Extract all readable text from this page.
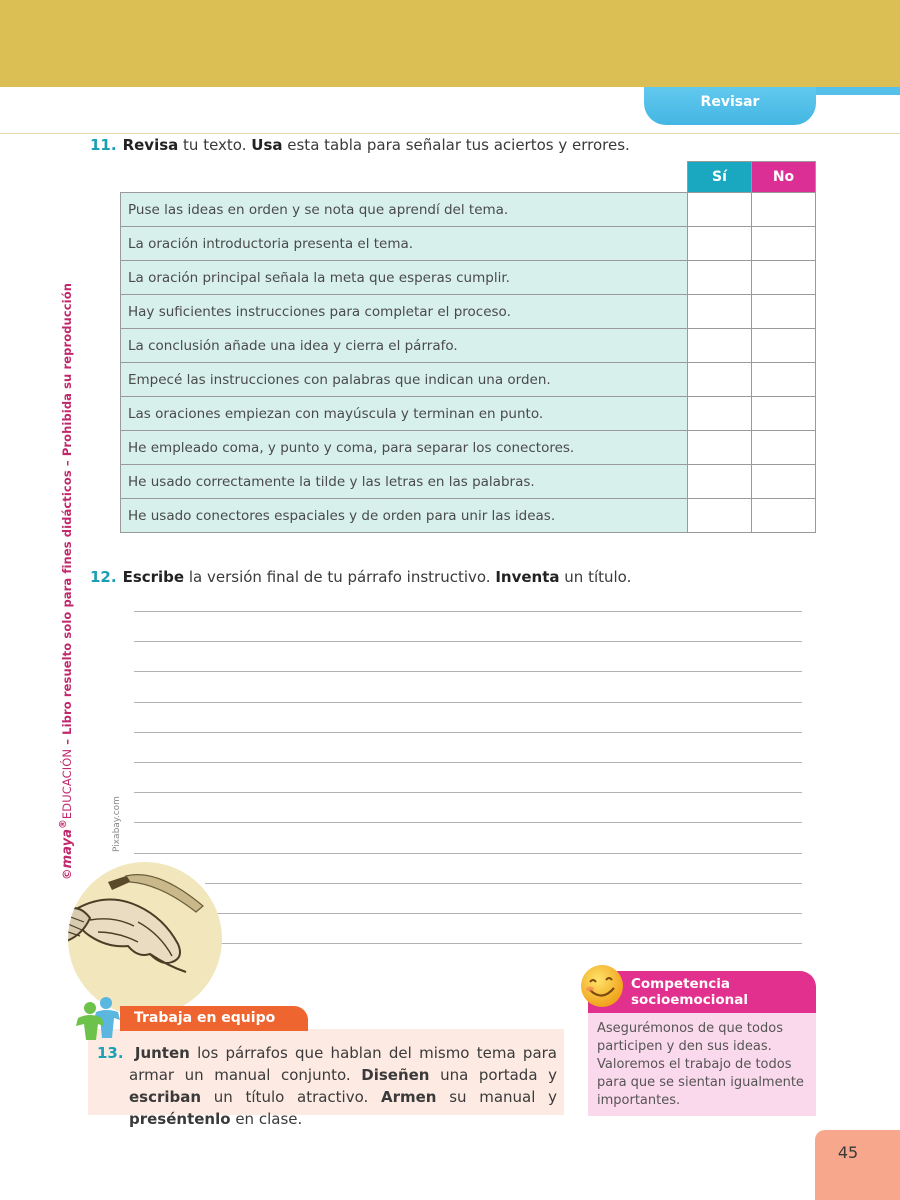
Revisar
©maya®EDUCACIÓN – Libro resuelto solo para fines didácticos – Prohibida su reproducción
11. Revisa tu texto. Usa esta tabla para señalar tus aciertos y errores.
	Sí	No
Puse las ideas en orden y se nota que aprendí del tema.		
La oración introductoria presenta el tema.		
La oración principal señala la meta que esperas cumplir.		
Hay suficientes instrucciones para completar el proceso.		
La conclusión añade una idea y cierra el párrafo.		
Empecé las instrucciones con palabras que indican una orden.		
Las oraciones empiezan con mayúscula y terminan en punto.		
He empleado coma, y punto y coma, para separar los conectores.		
He usado correctamente la tilde y las letras en las palabras.		
He usado conectores espaciales y de orden para unir las ideas.		
12. Escribe la versión final de tu párrafo instructivo. Inventa un título.
Pixabay.com
Trabaja en equipo

13. Junten los párrafos que hablan del mismo tema para armar un manual conjunto. Diseñen una portada y escriban un título atractivo. Armen su manual y preséntenlo en clase.

Competencia
socioemocional
Asegurémonos de que todos participen y den sus ideas. Valoremos el trabajo de todos para que se sientan igualmente importantes.
45
